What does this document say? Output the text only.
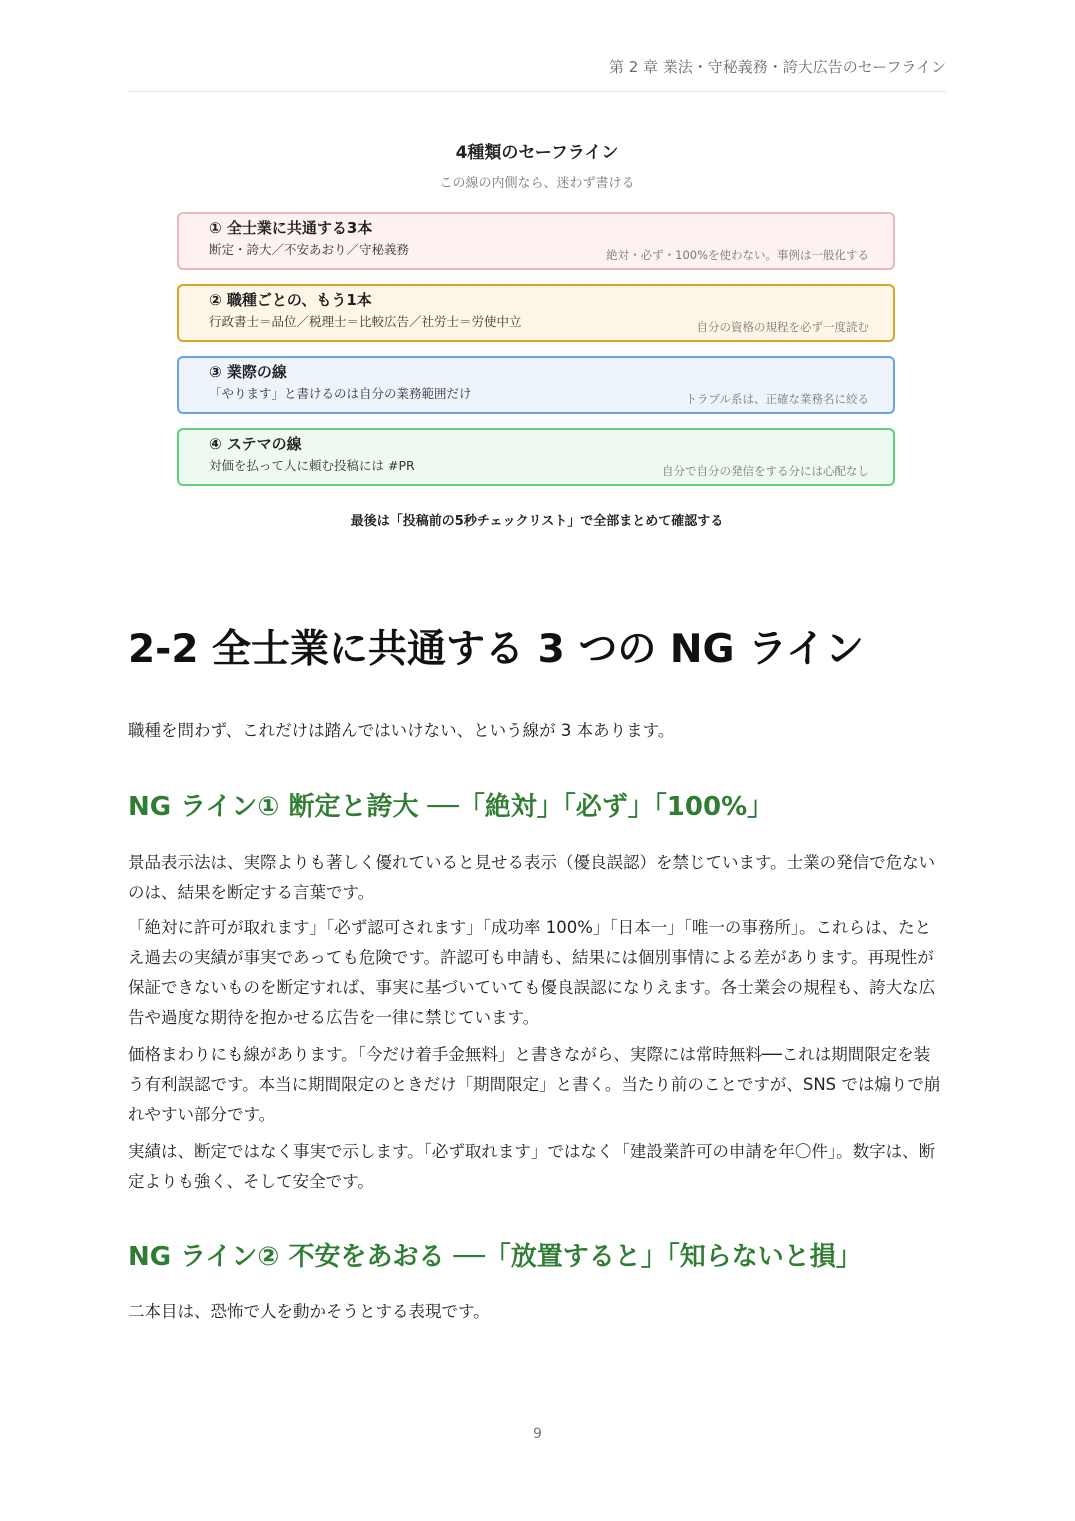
第 2 章 業法・守秘義務・誇大広告のセーフライン
4種類のセーフライン
この線の内側なら、迷わず書ける
① 全士業に共通する3本
断定・誇大／不安あおり／守秘義務	絶対・必ず・100%を使わない。事例は一般化する
② 職種ごとの、もう1本
行政書士＝品位／税理士＝比較広告／社労士＝労使中立	自分の資格の規程を必ず一度読む
③ 業際の線
「やります」と書けるのは自分の業務範囲だけ	トラブル系は、正確な業務名に絞る
④ ステマの線
対価を払って人に頼む投稿には #PR	自分で自分の発信をする分には心配なし
最後は「投稿前の5秒チェックリスト」で全部まとめて確認する
2-2 全士業に共通する 3 つの NG ライン
職種を問わず、これだけは踏んではいけない、という線が 3 本あります。
NG ライン① 断定と誇大 ──「絶対」「必ず」「100%」
景品表示法は、実際よりも著しく優れていると見せる表示（優良誤認）を禁じています。士業の発信で危ないのは、結果を断定する言葉です。
「絶対に許可が取れます」「必ず認可されます」「成功率 100%」「日本一」「唯一の事務所」。これらは、たとえ過去の実績が事実であっても危険です。許認可も申請も、結果には個別事情による差があります。再現性が保証できないものを断定すれば、事実に基づいていても優良誤認になりえます。各士業会の規程も、誇大な広告や過度な期待を抱かせる広告を一律に禁じています。
価格まわりにも線があります。「今だけ着手金無料」と書きながら、実際には常時無料──これは期間限定を装う有利誤認です。本当に期間限定のときだけ「期間限定」と書く。当たり前のことですが、SNS では煽りで崩れやすい部分です。
実績は、断定ではなく事実で示します。「必ず取れます」ではなく「建設業許可の申請を年〇件」。数字は、断定よりも強く、そして安全です。
NG ライン② 不安をあおる ──「放置すると」「知らないと損」
二本目は、恐怖で人を動かそうとする表現です。
9
